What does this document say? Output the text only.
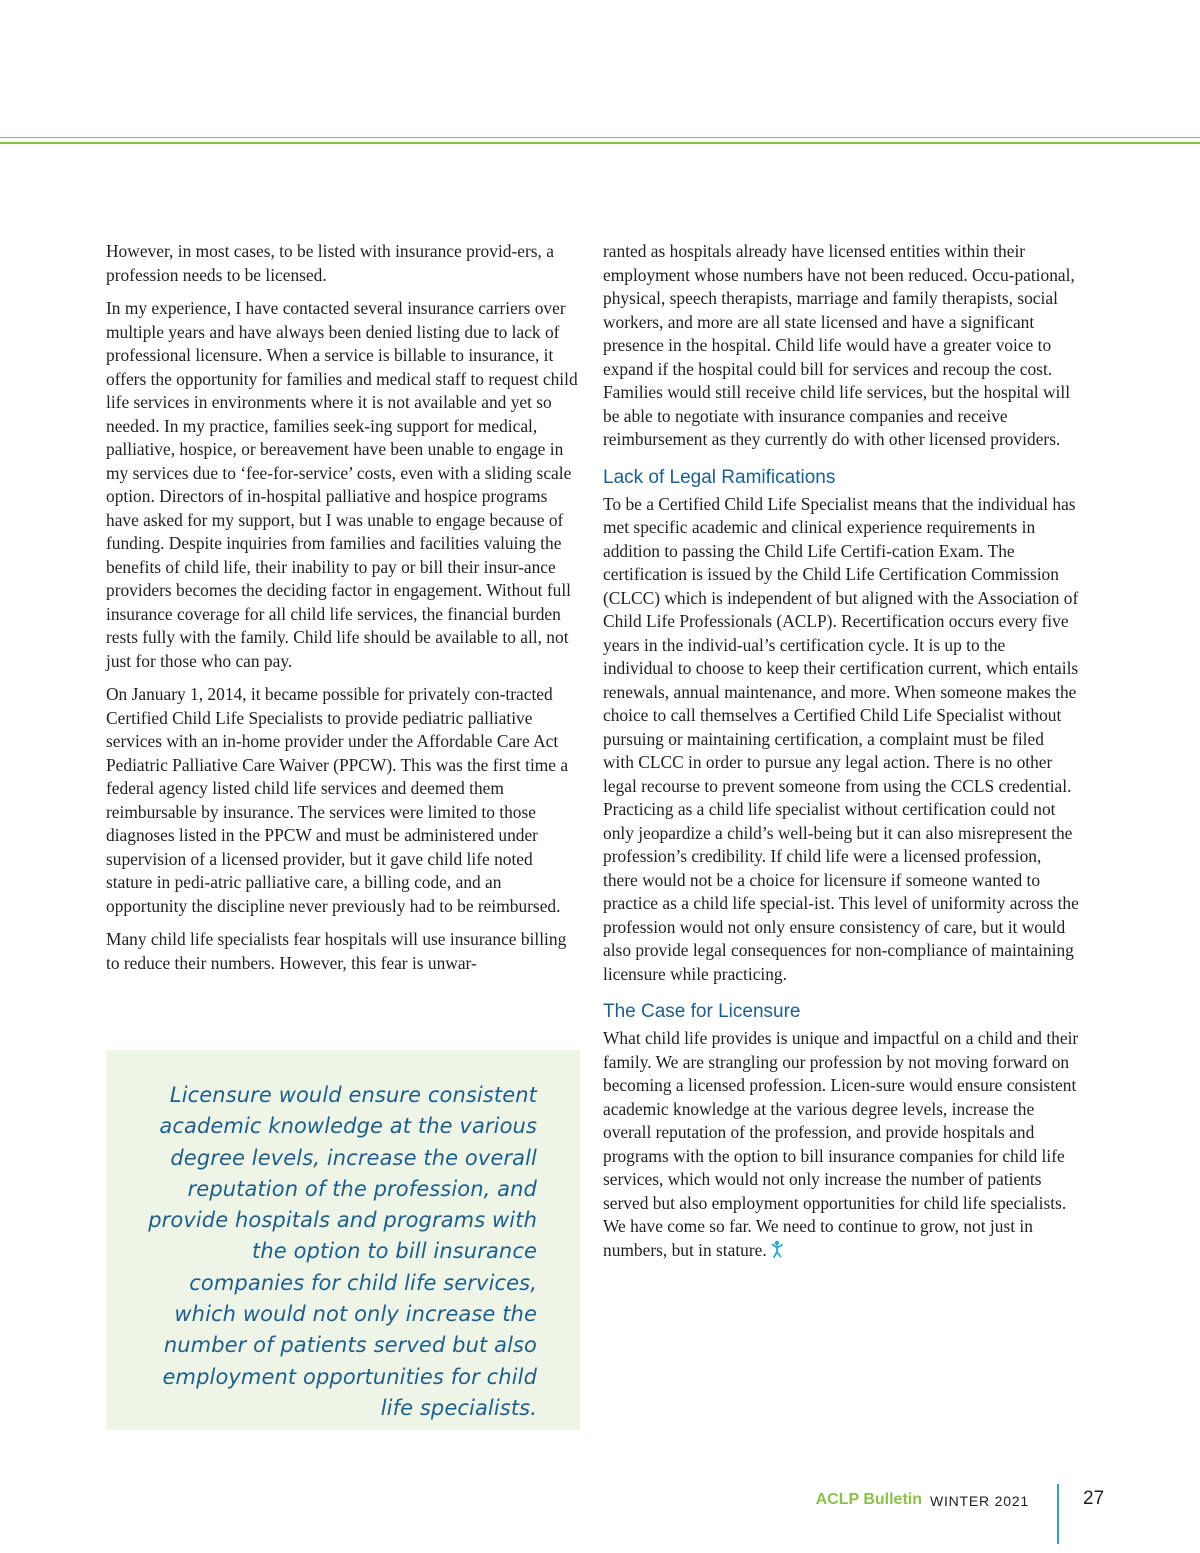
However, in most cases, to be listed with insurance provid-ers, a profession needs to be licensed.

In my experience, I have contacted several insurance carriers over multiple years and have always been denied listing due to lack of professional licensure. When a service is billable to insurance, it offers the opportunity for families and medical staff to request child life services in environments where it is not available and yet so needed. In my practice, families seek-ing support for medical, palliative, hospice, or bereavement have been unable to engage in my services due to ‘fee-for-service’ costs, even with a sliding scale option. Directors of in-hospital palliative and hospice programs have asked for my support, but I was unable to engage because of funding. Despite inquiries from families and facilities valuing the benefits of child life, their inability to pay or bill their insur-ance providers becomes the deciding factor in engagement. Without full insurance coverage for all child life services, the financial burden rests fully with the family. Child life should be available to all, not just for those who can pay.

On January 1, 2014, it became possible for privately con-tracted Certified Child Life Specialists to provide pediatric palliative services with an in-home provider under the Affordable Care Act Pediatric Palliative Care Waiver (PPCW). This was the first time a federal agency listed child life services and deemed them reimbursable by insurance. The services were limited to those diagnoses listed in the PPCW and must be administered under supervision of a licensed provider, but it gave child life noted stature in pedi-atric palliative care, a billing code, and an opportunity the discipline never previously had to be reimbursed.

Many child life specialists fear hospitals will use insurance billing to reduce their numbers. However, this fear is unwar-

Licensure would ensure consistent academic knowledge at the various degree levels, increase the overall reputation of the profession, and provide hospitals and programs with the option to bill insurance companies for child life services, which would not only increase the number of patients served but also employment opportunities for child life specialists.

ranted as hospitals already have licensed entities within their employment whose numbers have not been reduced. Occu-pational, physical, speech therapists, marriage and family therapists, social workers, and more are all state licensed and have a significant presence in the hospital. Child life would have a greater voice to expand if the hospital could bill for services and recoup the cost. Families would still receive child life services, but the hospital will be able to negotiate with insurance companies and receive reimbursement as they currently do with other licensed providers.

Lack of Legal Ramifications

To be a Certified Child Life Specialist means that the individual has met specific academic and clinical experience requirements in addition to passing the Child Life Certifi-cation Exam. The certification is issued by the Child Life Certification Commission (CLCC) which is independent of but aligned with the Association of Child Life Professionals (ACLP). Recertification occurs every five years in the individ-ual’s certification cycle. It is up to the individual to choose to keep their certification current, which entails renewals, annual maintenance, and more. When someone makes the choice to call themselves a Certified Child Life Specialist without pursuing or maintaining certification, a complaint must be filed with CLCC in order to pursue any legal action. There is no other legal recourse to prevent someone from using the CCLS credential. Practicing as a child life specialist without certification could not only jeopardize a child’s well-being but it can also misrepresent the profession’s credibility. If child life were a licensed profession, there would not be a choice for licensure if someone wanted to practice as a child life special-ist. This level of uniformity across the profession would not only ensure consistency of care, but it would also provide legal consequences for non-compliance of maintaining licensure while practicing.

The Case for Licensure

What child life provides is unique and impactful on a child and their family. We are strangling our profession by not moving forward on becoming a licensed profession. Licen-sure would ensure consistent academic knowledge at the various degree levels, increase the overall reputation of the profession, and provide hospitals and programs with the option to bill insurance companies for child life services, which would not only increase the number of patients served but also employment opportunities for child life specialists. We have come so far. We need to continue to grow, not just in numbers, but in stature.

ACLP Bulletin WINTER 2021	27
